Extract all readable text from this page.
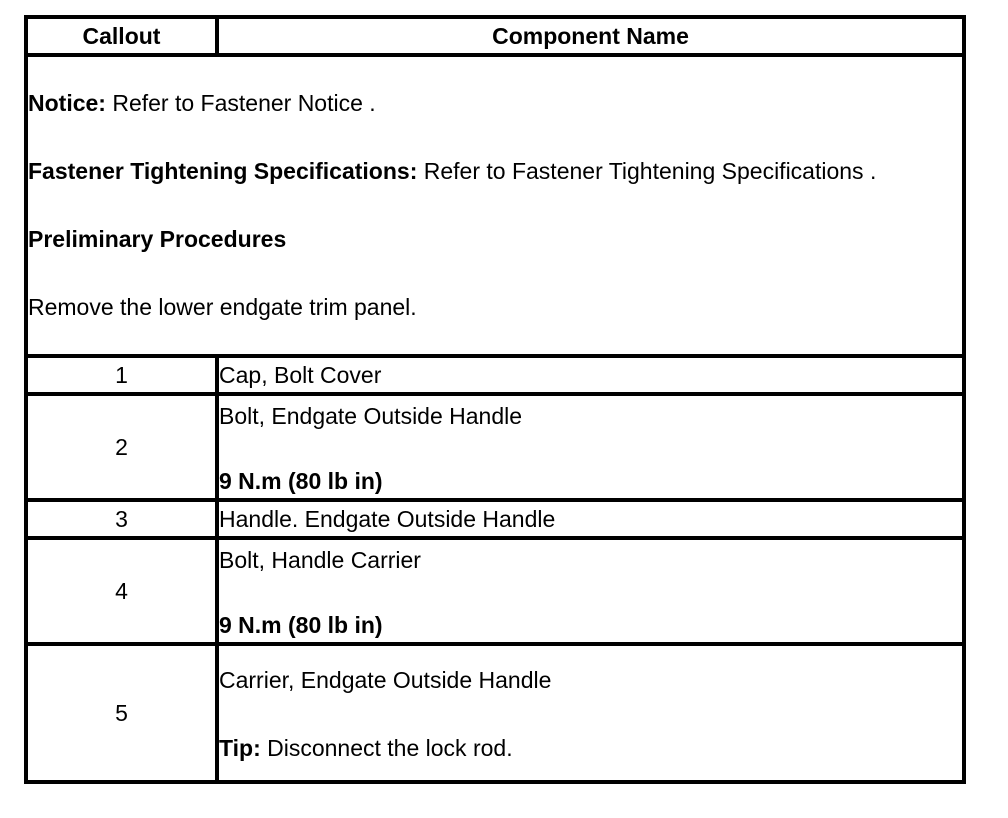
Callout	Component Name

Notice: Refer to Fastener Notice .

Fastener Tightening Specifications: Refer to Fastener Tightening Specifications .

Preliminary Procedures

Remove the lower endgate trim panel.	

1	Cap, Bolt Cover
2	Bolt, Endgate Outside Handle
9 N.m (80 lb in)

3	Handle. Endgate Outside Handle
4	Bolt, Handle Carrier
9 N.m (80 lb in)

5	Carrier, Endgate Outside Handle
Tip: Disconnect the lock rod.
